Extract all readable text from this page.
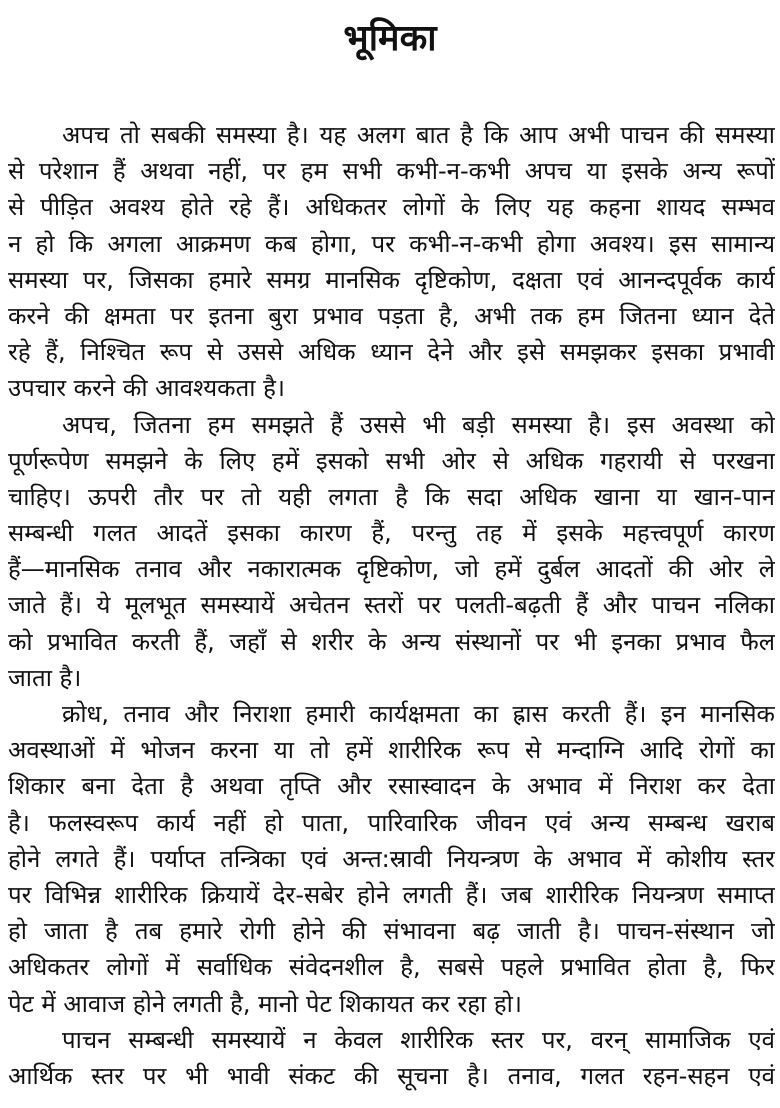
भूमिका
अपच तो सबकी समस्या है। यह अलग बात है कि आप अभी पाचन की समस्या
से परेशान हैं अथवा नहीं, पर हम सभी कभी-न-कभी अपच या इसके अन्य रूपों
से पीड़ित अवश्य होते रहे हैं। अधिकतर लोगों के लिए यह कहना शायद सम्भव
न हो कि अगला आक्रमण कब होगा, पर कभी-न-कभी होगा अवश्य। इस सामान्य
समस्या पर, जिसका हमारे समग्र मानसिक दृष्टिकोण, दक्षता एवं आनन्दपूर्वक कार्य
करने की क्षमता पर इतना बुरा प्रभाव पड़ता है, अभी तक हम जितना ध्यान देते
रहे हैं, निश्चित रूप से उससे अधिक ध्यान देने और इसे समझकर इसका प्रभावी
उपचार करने की आवश्यकता है।
अपच, जितना हम समझते हैं उससे भी बड़ी समस्या है। इस अवस्था को
पूर्णरूपेण समझने के लिए हमें इसको सभी ओर से अधिक गहरायी से परखना
चाहिए। ऊपरी तौर पर तो यही लगता है कि सदा अधिक खाना या खान-पान
सम्बन्धी गलत आदतें इसका कारण हैं, परन्तु तह में इसके महत्त्वपूर्ण कारण
हैं—मानसिक तनाव और नकारात्मक दृष्टिकोण, जो हमें दुर्बल आदतों की ओर ले
जाते हैं। ये मूलभूत समस्यायें अचेतन स्तरों पर पलती-बढ़ती हैं और पाचन नलिका
को प्रभावित करती हैं, जहाँ से शरीर के अन्य संस्थानों पर भी इनका प्रभाव फैल
जाता है।
क्रोध, तनाव और निराशा हमारी कार्यक्षमता का ह्रास करती हैं। इन मानसिक
अवस्थाओं में भोजन करना या तो हमें शारीरिक रूप से मन्दाग्नि आदि रोगों का
शिकार बना देता है अथवा तृप्ति और रसास्वादन के अभाव में निराश कर देता
है। फलस्वरूप कार्य नहीं हो पाता, पारिवारिक जीवन एवं अन्य सम्बन्ध खराब
होने लगते हैं। पर्याप्त तन्त्रिका एवं अन्त:स्रावी नियन्त्रण के अभाव में कोशीय स्तर
पर विभिन्न शारीरिक क्रियायें देर-सबेर होने लगती हैं। जब शारीरिक नियन्त्रण समाप्त
हो जाता है तब हमारे रोगी होने की संभावना बढ़ जाती है। पाचन-संस्थान जो
अधिकतर लोगों में सर्वाधिक संवेदनशील है, सबसे पहले प्रभावित होता है, फिर
पेट में आवाज होने लगती है, मानो पेट शिकायत कर रहा हो।
पाचन सम्बन्धी समस्यायें न केवल शारीरिक स्तर पर, वरन् सामाजिक एवं
आर्थिक स्तर पर भी भावी संकट की सूचना है। तनाव, गलत रहन-सहन एवं
